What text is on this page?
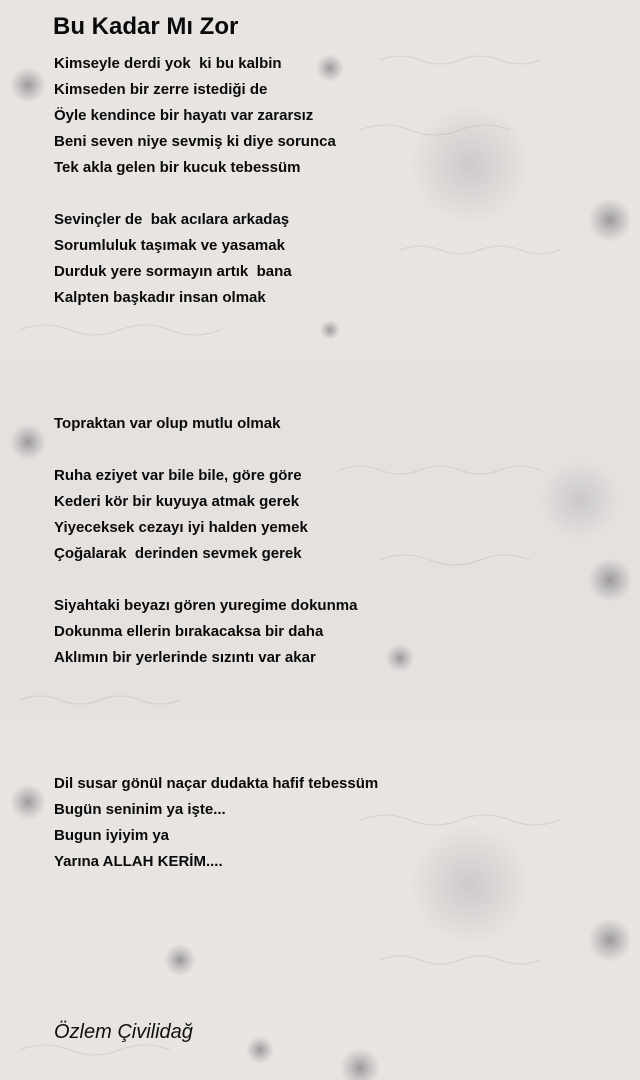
Bu Kadar Mı Zor
Kimseyle derdi yok  ki bu kalbin
Kimseden bir zerre istediği de
Öyle kendince bir hayatı var zararsız
Beni seven niye sevmiş ki diye sorunca
Tek akla gelen bir kucuk tebessüm
Sevinçler de  bak acılara arkadaş
Sorumluluk taşımak ve yasamak
Durduk yere sormayın artık  bana
Kalpten başkadır insan olmak
Topraktan var olup mutlu olmak
Ruha eziyet var bile bile, göre göre
Kederi kör bir kuyuya atmak gerek
Yiyeceksek cezayı iyi halden yemek
Çoğalarak  derinden sevmek gerek
Siyahtaki beyazı gören yuregime dokunma
Dokunma ellerin bırakacaksa bir daha
Aklımın bir yerlerinde sızıntı var akar
Dil susar gönül naçar dudakta hafif tebessüm
Bugün seninim ya işte...
Bugun iyiyim ya
Yarına ALLAH KERİM....
Özlem Çivilidağ
